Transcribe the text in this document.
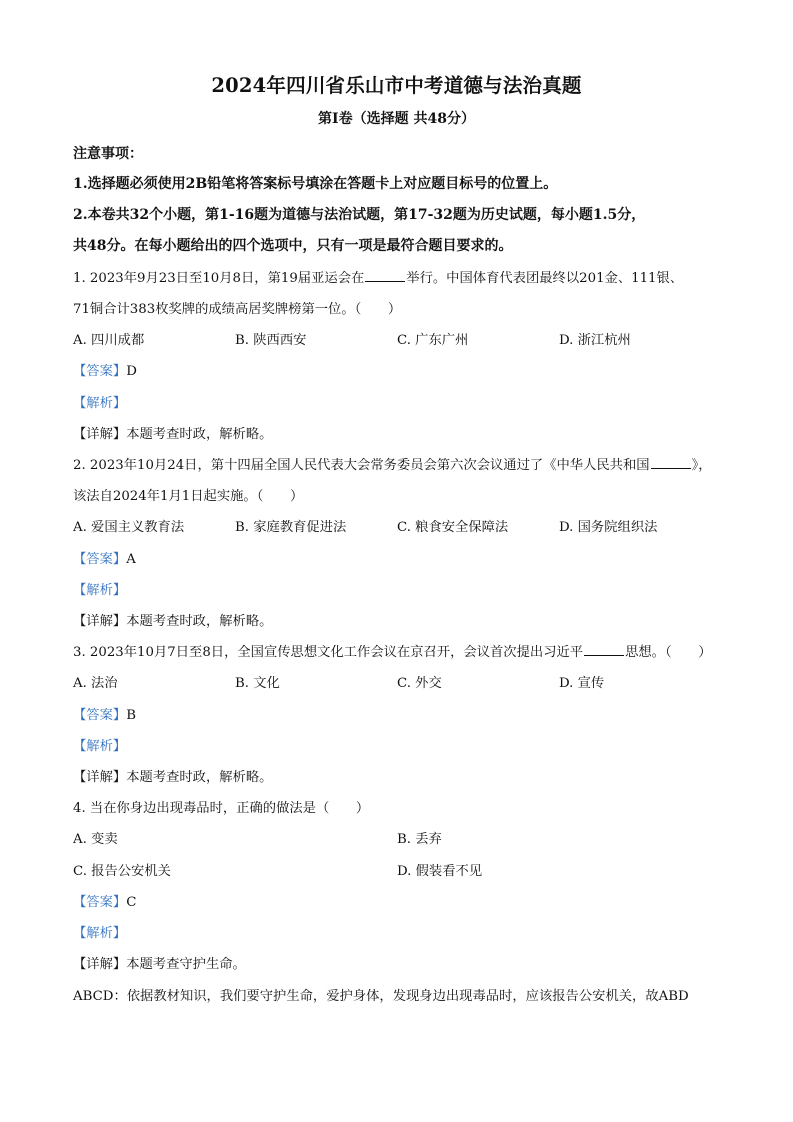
2024年四川省乐山市中考道德与法治真题
第Ⅰ卷（选择题 共48分）
注意事项：
1.选择题必须使用2B铅笔将答案标号填涂在答题卡上对应题目标号的位置上。
2.本卷共32个小题，第1-16题为道德与法治试题，第17-32题为历史试题，每小题1.5分，
共48分。在每小题给出的四个选项中，只有一项是最符合题目要求的。
1. 2023年9月23日至10月8日，第19届亚运会在	举行。中国体育代表团最终以201金、111银、
71铜合计383枚奖牌的成绩高居奖牌榜第一位。（　　）
A. 四川成都	B. 陕西西安	C. 广东广州	D. 浙江杭州
【答案】D
【解析】
【详解】本题考查时政，解析略。
2. 2023年10月24日，第十四届全国人民代表大会常务委员会第六次会议通过了《中华人民共和国	》，
该法自2024年1月1日起实施。（　　）
A. 爱国主义教育法	B. 家庭教育促进法	C. 粮食安全保障法	D. 国务院组织法
【答案】A
【解析】
【详解】本题考查时政，解析略。
3. 2023年10月7日至8日，全国宣传思想文化工作会议在京召开，会议首次提出习近平	思想。（　　）
A. 法治	B. 文化	C. 外交	D. 宣传
【答案】B
【解析】
【详解】本题考查时政，解析略。
4. 当在你身边出现毒品时，正确的做法是（　　）
A. 变卖	B. 丢弃
C. 报告公安机关	D. 假装看不见
【答案】C
【解析】
【详解】本题考查守护生命。
ABCD：依据教材知识，我们要守护生命，爱护身体，发现身边出现毒品时，应该报告公安机关，故ABD
